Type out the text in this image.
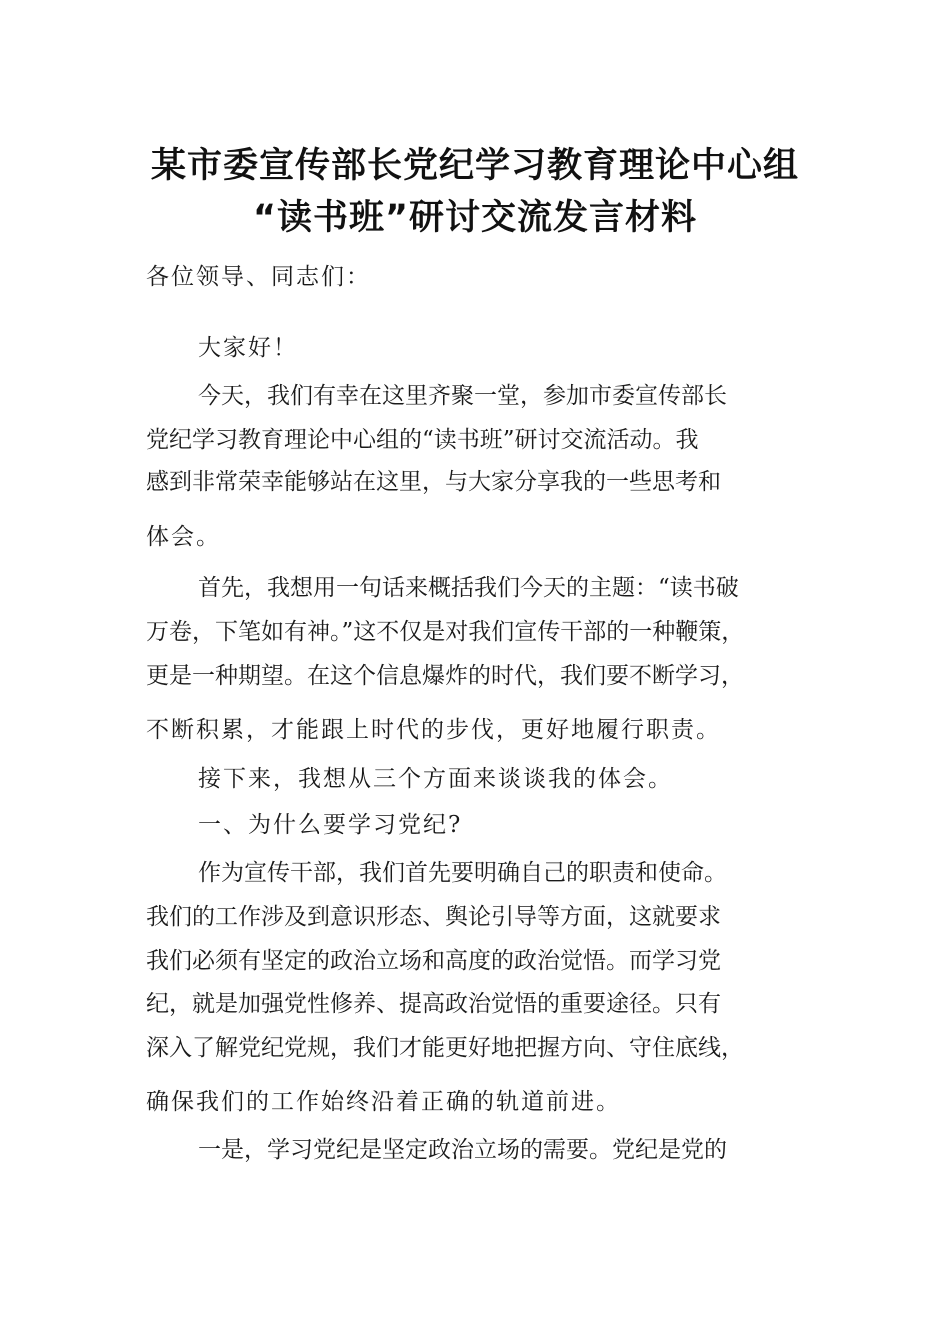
某市委宣传部长党纪学习教育理论中心组
“读书班”研讨交流发言材料
各位领导、同志们：
大家好！
今天，我们有幸在这里齐聚一堂，参加市委宣传部长
党纪学习教育理论中心组的“读书班”研讨交流活动。我
感到非常荣幸能够站在这里，与大家分享我的一些思考和
体会。
首先，我想用一句话来概括我们今天的主题：“读书破
万卷，下笔如有神。”这不仅是对我们宣传干部的一种鞭策，
更是一种期望。在这个信息爆炸的时代，我们要不断学习，
不断积累，才能跟上时代的步伐，更好地履行职责。
接下来，我想从三个方面来谈谈我的体会。
一、为什么要学习党纪?
作为宣传干部，我们首先要明确自己的职责和使命。
我们的工作涉及到意识形态、舆论引导等方面，这就要求
我们必须有坚定的政治立场和高度的政治觉悟。而学习党
纪，就是加强党性修养、提高政治觉悟的重要途径。只有
深入了解党纪党规，我们才能更好地把握方向、守住底线，
确保我们的工作始终沿着正确的轨道前进。
一是，学习党纪是坚定政治立场的需要。党纪是党的
